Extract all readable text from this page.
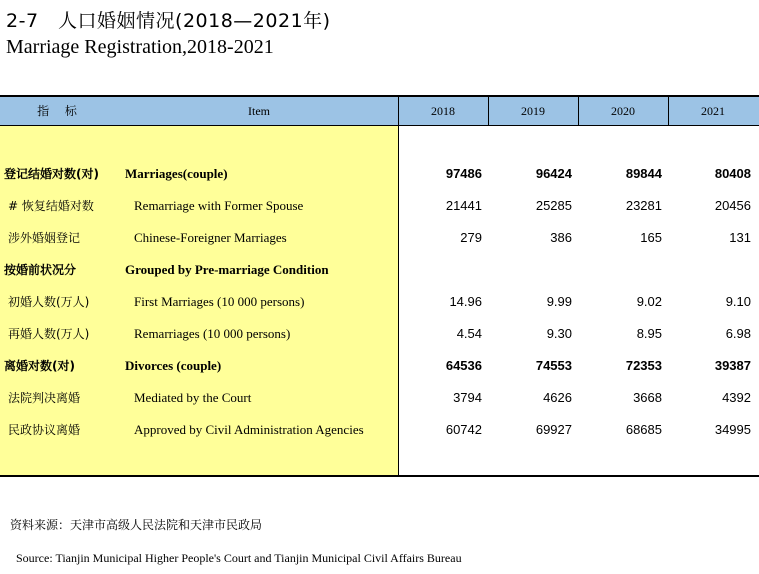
2-7　人口婚姻情况(2018—2021年)
Marriage Registration,2018-2021
指 标	Item	2018	2019	2020	2021
登记结婚对数(对) Marriages(couple)	97486	96424	89844	80408
# 恢复结婚对数	Remarriage with Former Spouse	21441	25285	23281	20456
涉外婚姻登记	Chinese-Foreigner Marriages	279	386	165	131
按婚前状况分	Grouped by Pre-marriage Condition
初婚人数(万人)	First Marriages (10 000 persons)	14.96	9.99	9.02	9.10
再婚人数(万人)	Remarriages (10 000 persons)	4.54	9.30	8.95	6.98
离婚对数(对)	Divorces (couple)	64536	74553	72353	39387
法院判决离婚	Mediated by the Court	3794	4626	3668	4392
民政协议离婚	Approved by Civil Administration Agencies	60742	69927	68685	34995
资料来源：天津市高级人民法院和天津市民政局
Source: Tianjin Municipal Higher People's Court and Tianjin Municipal Civil Affairs Bureau
